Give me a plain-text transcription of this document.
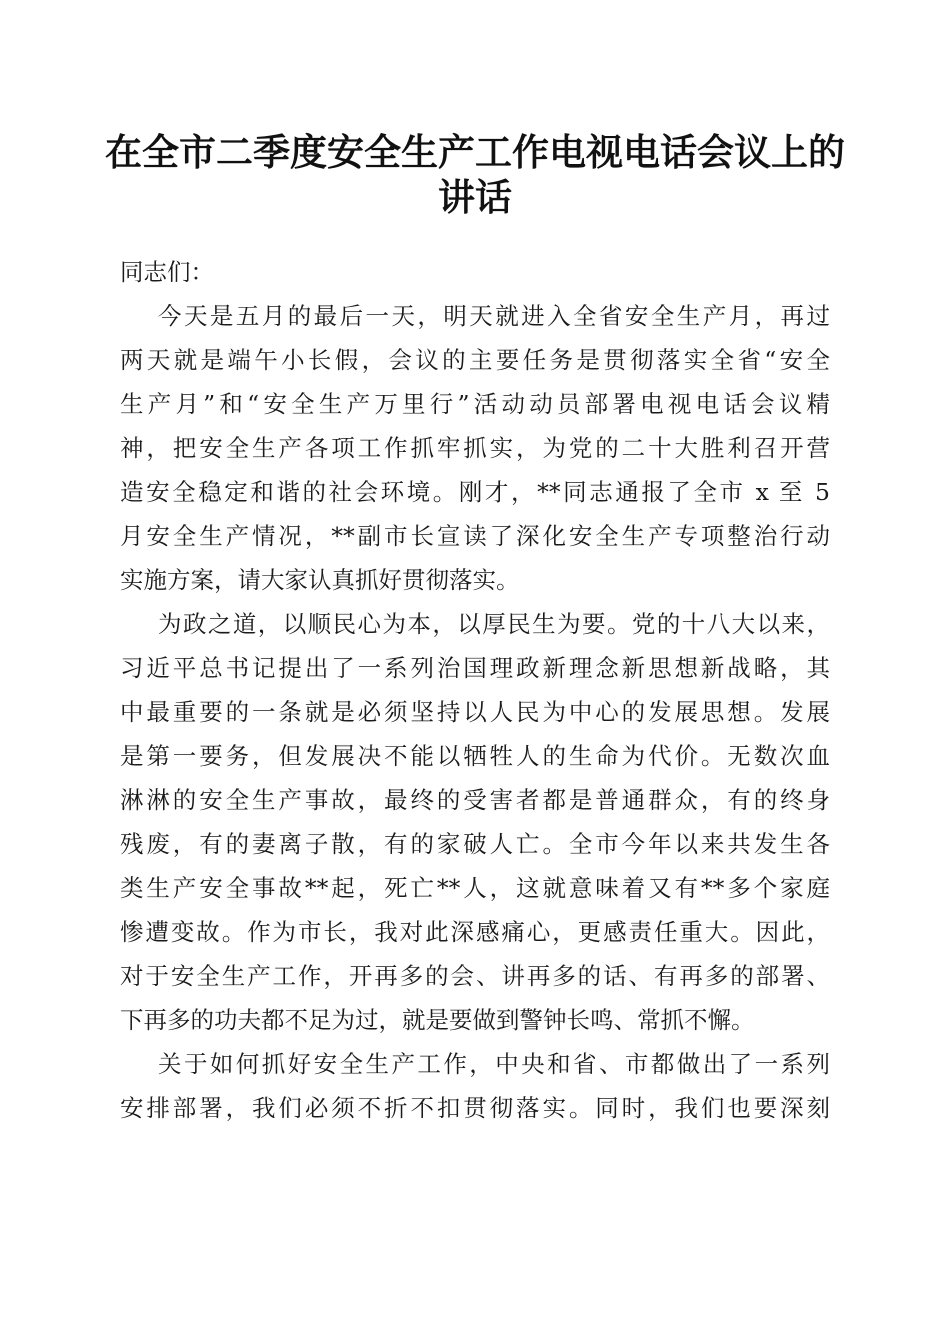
在全市二季度安全生产工作电视电话会议上的
讲话
同志们：
今天是五月的最后一天，明天就进入全省安全生产月，再过
两天就是端午小长假，会议的主要任务是贯彻落实全省“安全
生产月”和“安全生产万里行”活动动员部署电视电话会议精
神，把安全生产各项工作抓牢抓实，为党的二十大胜利召开营
造安全稳定和谐的社会环境。刚才，**同志通报了全市 x 至 5
月安全生产情况，**副市长宣读了深化安全生产专项整治行动
实施方案，请大家认真抓好贯彻落实。
为政之道，以顺民心为本，以厚民生为要。党的十八大以来，
习近平总书记提出了一系列治国理政新理念新思想新战略，其
中最重要的一条就是必须坚持以人民为中心的发展思想。发展
是第一要务，但发展决不能以牺牲人的生命为代价。无数次血
淋淋的安全生产事故，最终的受害者都是普通群众，有的终身
残废，有的妻离子散，有的家破人亡。全市今年以来共发生各
类生产安全事故**起，死亡**人，这就意味着又有**多个家庭
惨遭变故。作为市长，我对此深感痛心，更感责任重大。因此，
对于安全生产工作，开再多的会、讲再多的话、有再多的部署、
下再多的功夫都不足为过，就是要做到警钟长鸣、常抓不懈。
关于如何抓好安全生产工作，中央和省、市都做出了一系列
安排部署，我们必须不折不扣贯彻落实。同时，我们也要深刻
